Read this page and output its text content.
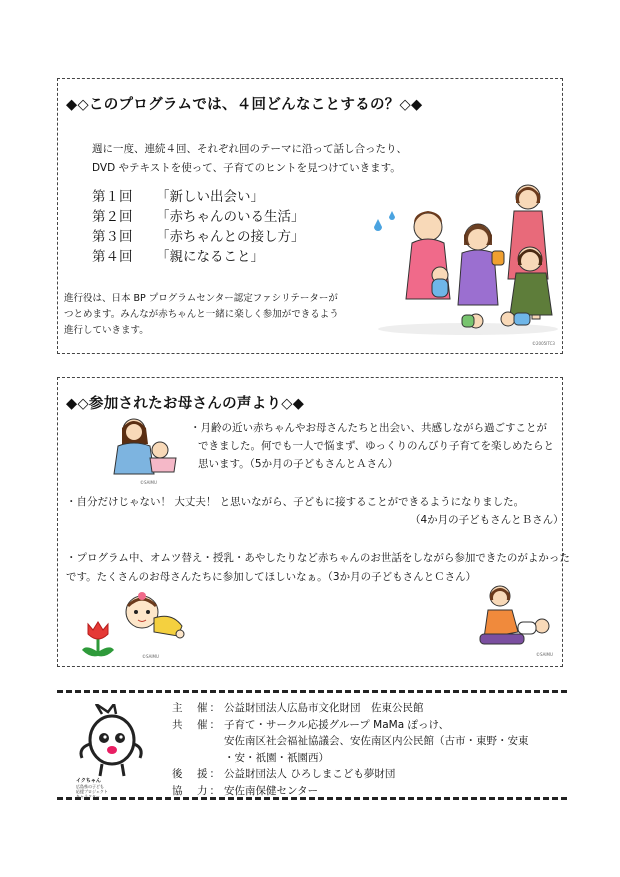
◆◇このプログラムでは、４回どんなことするの？◇◆
週に一度、連続４回、それぞれ回のテーマに沿って話し合ったり、
DVD やテキストを使って、子育てのヒントを見つけていきます。
第１回	「新しい出会い」
第２回	「赤ちゃんのいる生活」
第３回	「赤ちゃんとの接し方」
第４回	「親になること」
進行役は、日本 BP プログラムセンター認定ファシリテーターが
つとめます。みんなが赤ちゃんと一緒に楽しく参加ができるよう
進行していきます。
©2005ITC3
◆◇参加されたお母さんの声より◇◆
©SAIMU
・月齢の近い赤ちゃんやお母さんたちと出会い、共感しながら過ごすことが
できました。何でも一人で悩まず、ゆっくりのんびり子育てを楽しめたらと
思います。（5か月の子どもさんとＡさん）
・自分だけじゃない！ 大丈夫！ と思いながら、子どもに接することができるようになりました。
（4か月の子どもさんとＢさん）
・プログラム中、オムツ替え・授乳・あやしたりなど赤ちゃんのお世話をしながら参加できたのがよかった
です。たくさんのお母さんたちに参加してほしいなぁ。（3か月の子どもさんとＣさん）
©SAIMU	©SAIMU
イクちゃん
広島県の子ども
応援プロジェクト
キャラクター
主　催： 公益財団法人広島市文化財団　佐東公民館
共　催： 子育て・サークル応援グループ MaMa ぽっけ、
安佐南区社会福祉協議会、安佐南区内公民館（古市・東野・安東
・安・祇園・祇園西）
後　援： 公益財団法人 ひろしまこども夢財団
協　力： 安佐南保健センター
